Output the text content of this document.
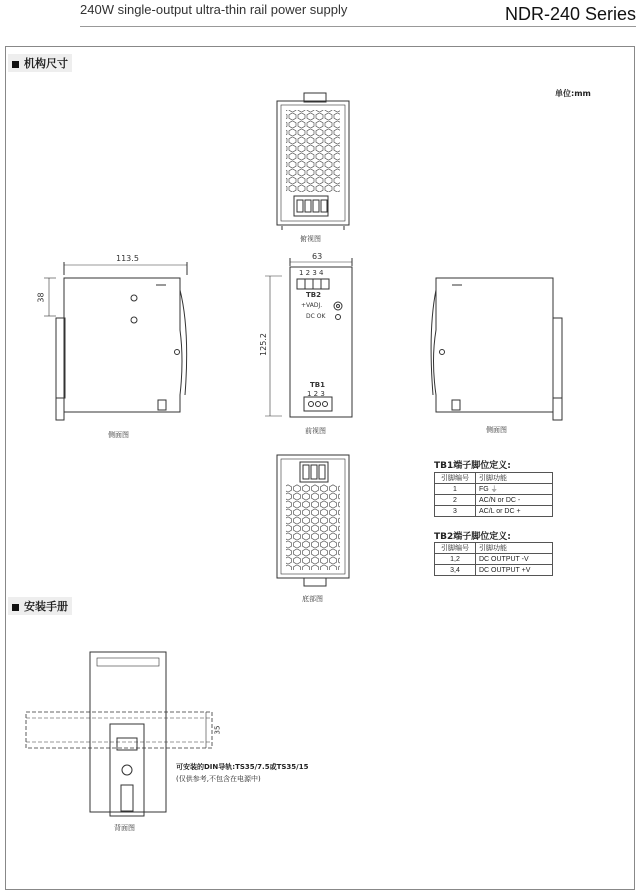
240W single-output ultra-thin rail power supply	NDR-240 Series
机构尺寸
安装手册
单位:mm
113.5
38
63
125.2
35
1 2 3 4
TB2
+VADJ.
DC OK
TB1
1 2 3
俯视图
侧面图	前视图	侧面图
底部图
背面图
TB1端子脚位定义:
引脚编号	引脚功能
1	FG ⏚
2	AC/N or DC -
3	AC/L or DC +
TB2端子脚位定义:
引脚编号	引脚功能
1,2	DC OUTPUT -V
3,4	DC OUTPUT +V
可安装的DIN导轨:TS35/7.5或TS35/15
(仅供参考,不包含在电源中)
